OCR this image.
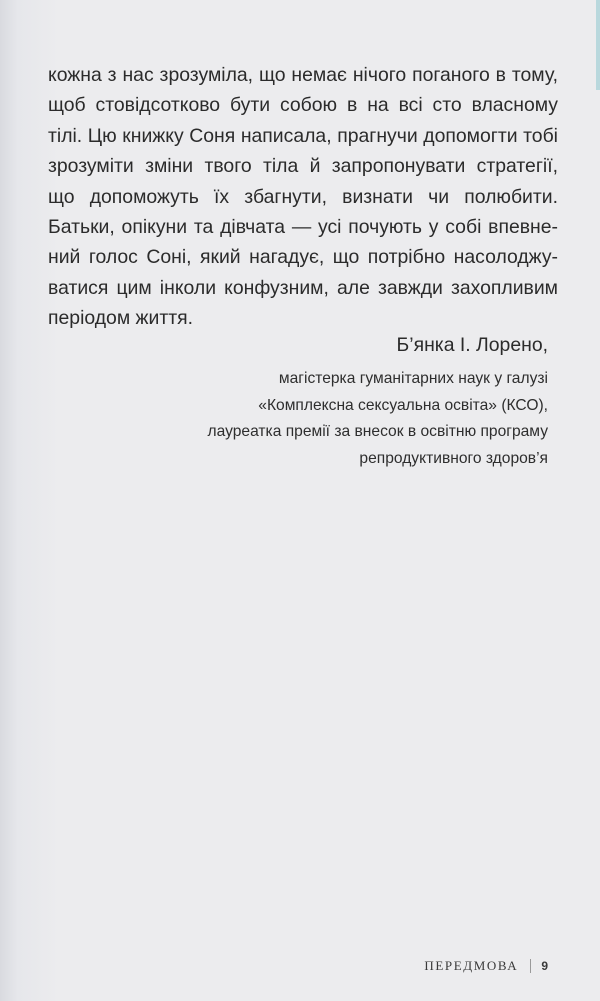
кожна з нас зрозуміла, що немає нічого поганого в тому,
щоб стовідсотково бути собою в на всі сто власному
тілі. Цю книжку Соня написала, прагнучи допомогти тобі
зрозуміти зміни твого тіла й запропонувати стратегії,
що допоможуть їх збагнути, визнати чи полюбити.
Батьки, опікуни та дівчата — усі почують у собі впевне-
ний голос Соні, який нагадує, що потрібно насолоджу-
ватися цим інколи конфузним, але завжди захопливим
періодом життя.
Б’янка І. Лорено,
магістерка гуманітарних наук у галузі
«Комплексна сексуальна освіта» (КСО),
лауреатка премії за внесок в освітню програму
репродуктивного здоров’я
ПЕРЕДМОВА 9
